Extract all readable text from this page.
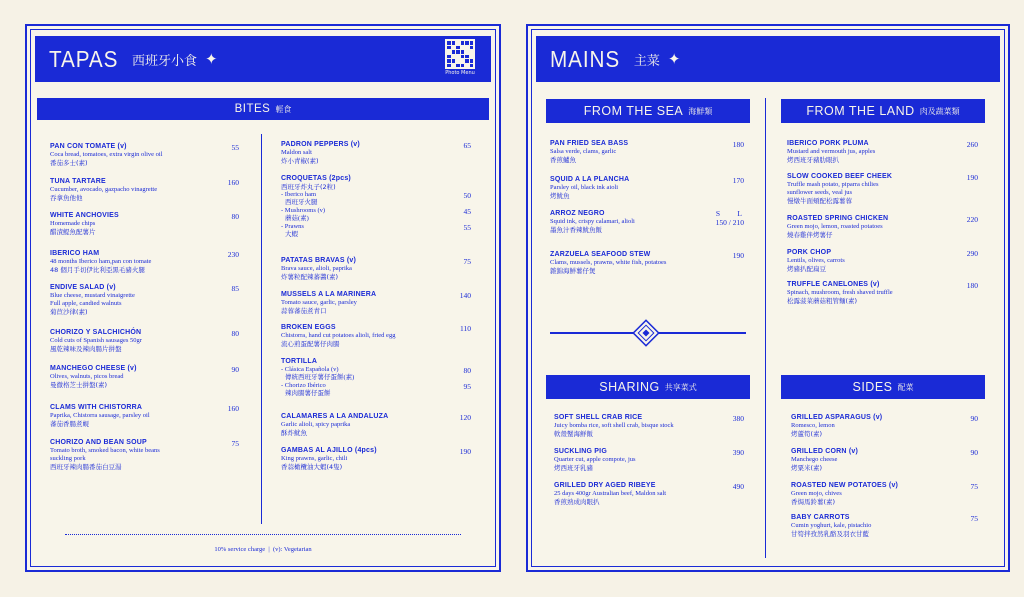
TAPAS 西班牙小食 ✦
Photo Menu
BITES 輕食
PAN CON TOMATE (v)
Coca bread, tomatoes, extra virgin olive oil
番茄多士(素)
55
TUNA TARTARE
Cucumber, avocado, gazpacho vinagrette
吞拿魚他他
160
WHITE ANCHOVIES
Homemade chips
醋漬鯷魚配薯片
80
IBERICO HAM
48 months Iberico ham,pan con tomate
48 個月手切伊比利亞黑毛豬火腿
230
ENDIVE SALAD (v)
Blue cheese, mustard vinaigrette
Full apple, candied walnuts
菊苣沙律(素)
85
CHORIZO Y SALCHICHÓN
Cold cuts of Spanish sausages 50gr
風乾辣味及辣肉腸片拼盤
80
MANCHEGO CHEESE (v)
Olives, walnuts, picos bread
曼徹格芝士拼盤(素)
90
CLAMS WITH CHISTORRA
Paprika, Chistorra sausage, parsley oil
蕃茄香腸煮蜆
160
CHORIZO AND BEAN SOUP
Tomato broth, smoked bacon, white beans
suckling pork
西班牙辣肉腸番茄白豆湯
75
PADRON PEPPERS (v)
Maldon salt
炸小青椒(素)
65
CROQUETAS (2pcs)
西班牙炸丸子(2粒)
- Iberico ham
西班牙火腿
50
- Mushrooms (v)
蘑菇(素)
45
- Prawns
大蝦
55
PATATAS BRAVAS (v)
Brava sauce, alioli, paprika
炸薯粒配辣蕃醬(素)
75
MUSSELS A LA MARINERA
Tomato sauce, garlic, parsley
蒜蓉蕃茄煮青口
140
BROKEN EGGS
Chistorra, hand cut potatoes alioli, fried egg
流心煎蛋配薯仔肉腸
110
TORTILLA
- Clásica Española (v)
傳統西班牙薯仔蛋餅(素)
80
- Chorizo Ibérico
辣肉腸薯仔蛋餅
95
CALAMARES A LA ANDALUZA
Garlic alioli, spicy paprika
酥炸魷魚
120
GAMBAS AL AJILLO (4pcs)
King prawns, garlic, chili
香蒜橄欖油大蝦(4隻)
190
10% service charge | (v): Vegetarian
MAINS 主菜 ✦
FROM THE SEA 海鮮類	FROM THE LAND 肉及蔬菜類
SHARING 共享菜式	SIDES 配菜
PAN FRIED SEA BASS
Salsa verde, clams, garlic
香煎鱸魚
180
SQUID A LA PLANCHA
Parsley oil, black ink aioli
烤魷魚
170
ARROZ NEGRO
Squid ink, crispy calamari, alioli
墨魚汁香辣魷魚飯
150 / 210
S L
ZARZUELA SEAFOOD STEW
Clams, mussels, prawns, white fish, potatoes
雜錦海鮮薯仔煲
190
IBERICO PORK PLUMA
Mustard and vermouth jus, apples
烤西班牙豬肋眼扒
260
SLOW COOKED BEEF CHEEK
Truffle mash potato, piparra chilies
sunflower seeds, veal jus
慢燉牛面頰配松露薯蓉
190
ROASTED SPRING CHICKEN
Green mojo, lemon, roasted potatoes
燒春雞伴烤薯仔
220
PORK CHOP
Lentils, olives, carrots
烤豬扒配扁豆
290
TRUFFLE CANELONES (v)
Spinach, mushroom, fresh shaved truffle
松露菠菜蘑菇粗管麵(素)
180
SOFT SHELL CRAB RICE
Juicy bomba rice, soft shell crab, bisque stock
軟殼蟹海鮮飯
380
SUCKLING PIG
Quarter cut, apple compote, jus
烤西班牙乳豬
390
GRILLED DRY AGED RIBEYE
25 days 400gr Australian beef, Maldon salt
香煎熟成肉眼扒
490
GRILLED ASPARAGUS (v)
Romesco, lemon
烤蘆筍(素)
90
GRILLED CORN (v)
Manchego cheese
烤粟米(素)
90
ROASTED NEW POTATOES (v)
Green mojo, chives
香焗馬鈴薯(素)
75
BABY CARROTS
Cumin yoghurt, kale, pistachio
甘筍拌孜然乳酪及羽衣甘藍
75
